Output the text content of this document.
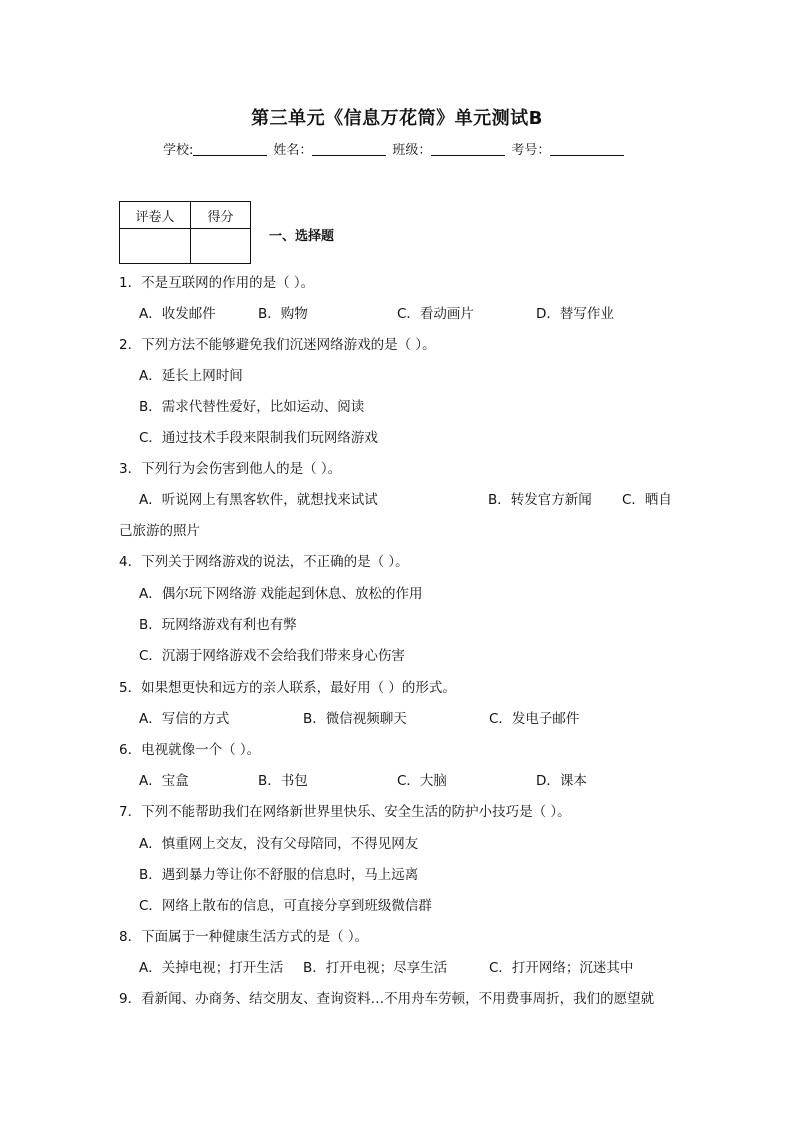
第三单元《信息万花筒》单元测试B
学校:	姓名：	班级：	考号：
评卷人	得分

一、选择题
1．不是互联网的作用的是（ ）。
A．收发邮件	B．购物	C．看动画片	D．替写作业
2．下列方法不能够避免我们沉迷网络游戏的是（ ）。
A．延长上网时间
B．需求代替性爱好，比如运动、阅读
C．通过技术手段来限制我们玩网络游戏
3．下列行为会伤害到他人的是（ ）。
A．听说网上有黑客软件，就想找来试试	B．转发官方新闻 C．晒自
己旅游的照片
4．下列关于网络游戏的说法，不正确的是（ ）。
A．偶尔玩下网络游 戏能起到休息、放松的作用
B．玩网络游戏有利也有弊
C．沉溺于网络游戏不会给我们带来身心伤害
5．如果想更快和远方的亲人联系，最好用（ ）的形式。
A．写信的方式	B．微信视频聊天	C．发电子邮件
6．电视就像一个（ ）。
A．宝盒	B．书包	C．大脑	D．课本
7．下列不能帮助我们在网络新世界里快乐、安全生活的防护小技巧是（ ）。
A．慎重网上交友，没有父母陪同，不得见网友
B．遇到暴力等让你不舒服的信息时，马上远离
C．网络上散布的信息，可直接分享到班级微信群
8．下面属于一种健康生活方式的是（ ）。
A．关掉电视；打开生活 B．打开电视；尽享生活	C．打开网络；沉迷其中
9．看新闻、办商务、结交朋友、查询资料…不用舟车劳顿，不用费事周折，我们的愿望就
